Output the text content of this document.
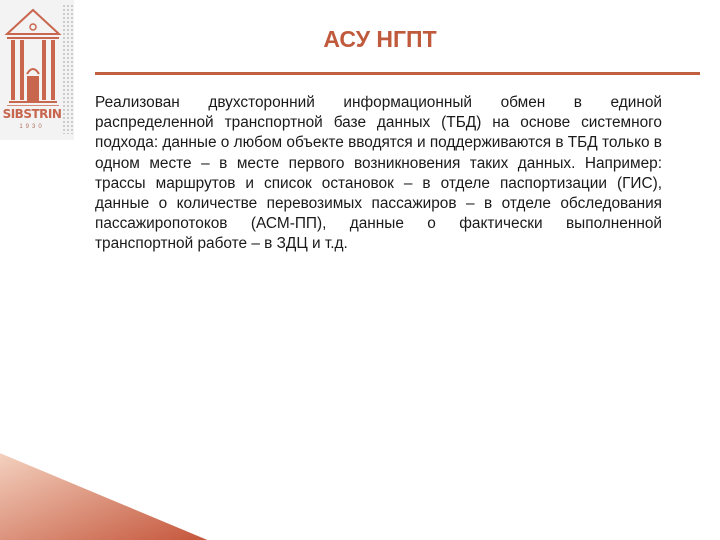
SIBSTRIN
1930
АСУ НГПТ

Реализован двухсторонний информационный обмен в единой распределенной транспортной базе данных (ТБД) на основе системного подхода: данные о любом объекте вводятся и поддерживаются в ТБД только в одном месте – в месте первого возникновения таких данных. Например: трассы маршрутов и список остановок – в отделе паспортизации (ГИС), данные о количестве перевозимых пассажиров – в отделе обследования пассажиропотоков (АСМ-ПП), данные о фактически выполненной транспортной работе – в ЗДЦ и т.д.
